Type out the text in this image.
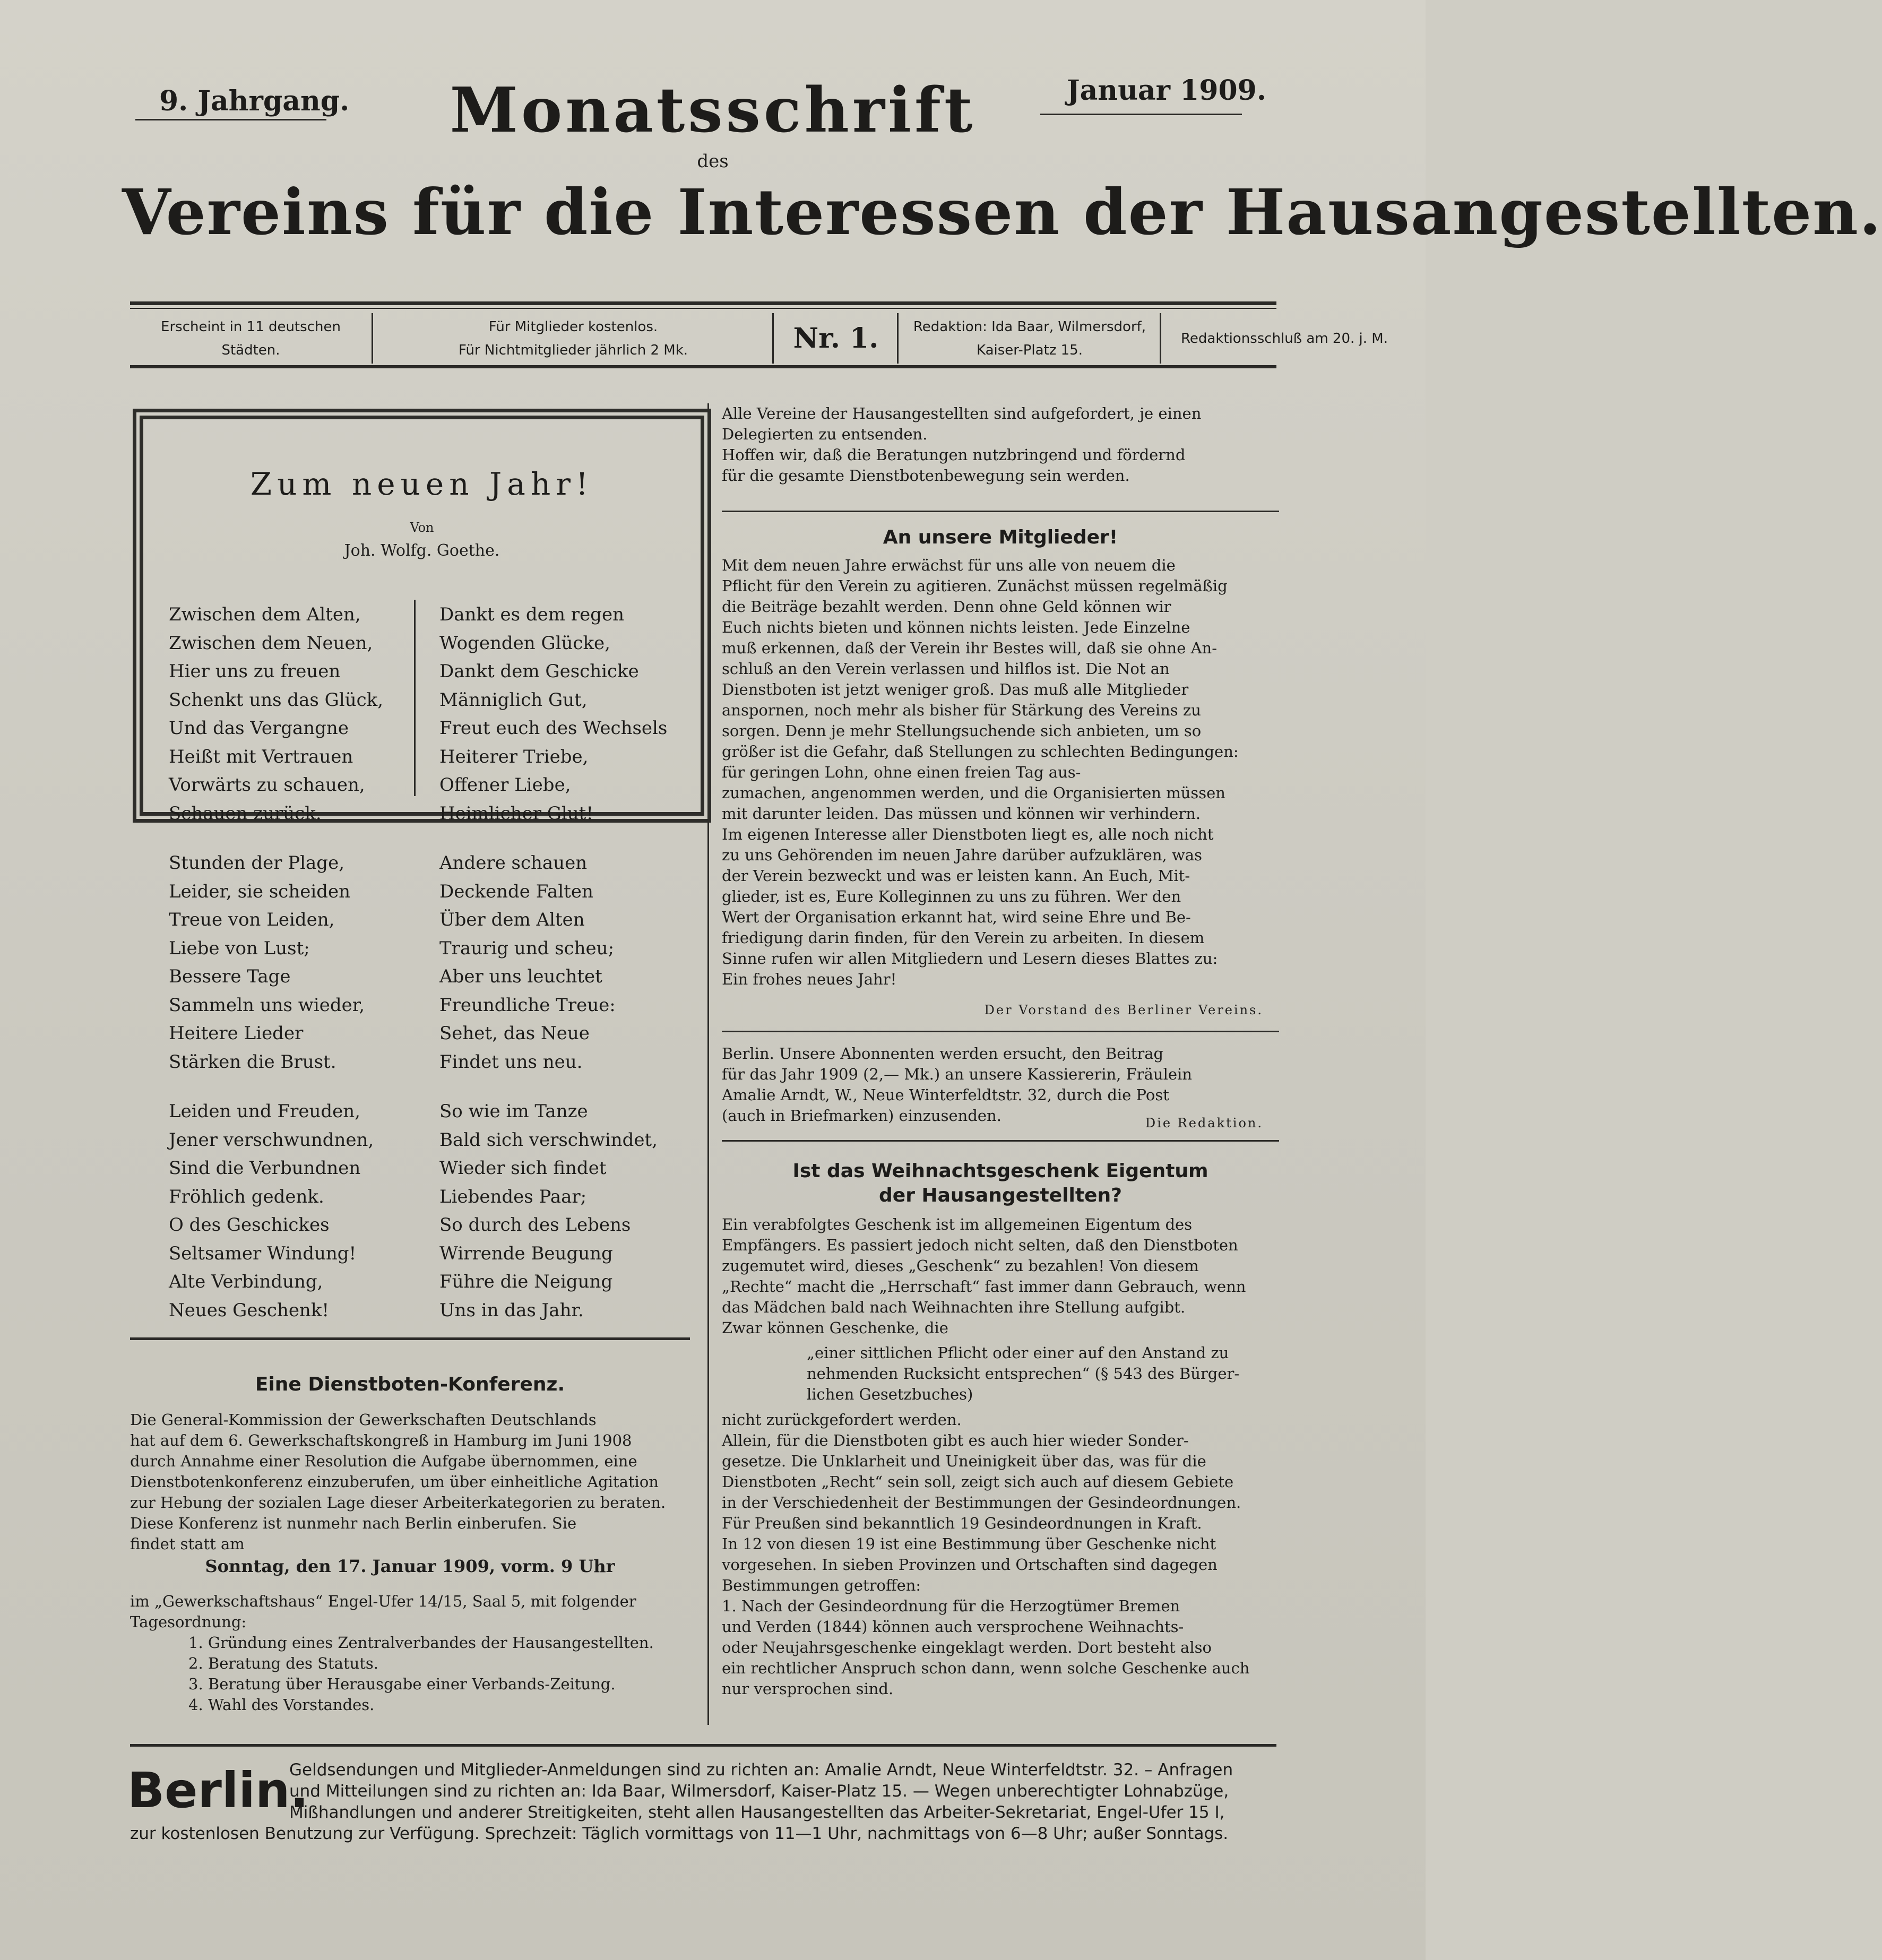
9. Jahrgang.	Januar 1909.
Monatsschrift
des
Vereins für die Interessen der Hausangestellten.
Erscheint in 11 deutschen Städten.
Für Mitglieder kostenlos.
Für Nichtmitglieder jährlich 2 Mk.	Nr. 1.	Redaktion: Ida Baar, Wilmersdorf,
Kaiser-Platz 15.
Redaktionsschluß am 20. j. M.
Zum neuen Jahr!
Von
Joh. Wolfg. Goethe.
Zwischen dem Alten,
Zwischen dem Neuen,
Hier uns zu freuen
Schenkt uns das Glück,
Und das Vergangne
Heißt mit Vertrauen
Vorwärts zu schauen,
Schauen zurück.
Stunden der Plage,
Leider, sie scheiden
Treue von Leiden,
Liebe von Lust;
Bessere Tage
Sammeln uns wieder,
Heitere Lieder
Stärken die Brust.
Leiden und Freuden,
Jener verschwundnen,
Sind die Verbundnen
Fröhlich gedenk.
O des Geschickes
Seltsamer Windung!
Alte Verbindung,
Neues Geschenk!
Dankt es dem regen
Wogenden Glücke,
Dankt dem Geschicke
Männiglich Gut,
Freut euch des Wechsels
Heiterer Triebe,
Offener Liebe,
Heimlicher Glut!
Andere schauen
Deckende Falten
Über dem Alten
Traurig und scheu;
Aber uns leuchtet
Freundliche Treue:
Sehet, das Neue
Findet uns neu.
So wie im Tanze
Bald sich verschwindet,
Wieder sich findet
Liebendes Paar;
So durch des Lebens
Wirrende Beugung
Führe die Neigung
Uns in das Jahr.
Eine Dienstboten-Konferenz.
Die General-Kommission der Gewerkschaften Deutschlands
hat auf dem 6. Gewerkschaftskongreß in Hamburg im Juni 1908
durch Annahme einer Resolution die Aufgabe übernommen, eine
Dienstbotenkonferenz einzuberufen, um über einheitliche Agitation
zur Hebung der sozialen Lage dieser Arbeiterkategorien zu beraten.
Diese Konferenz ist nunmehr nach Berlin einberufen. Sie
findet statt am
Sonntag, den 17. Januar 1909, vorm. 9 Uhr
im „Gewerkschaftshaus“ Engel-Ufer 14/15, Saal 5, mit folgender
Tagesordnung:
1. Gründung eines Zentralverbandes der Hausangestellten.
2. Beratung des Statuts.
3. Beratung über Herausgabe einer Verbands-Zeitung.
4. Wahl des Vorstandes.
Alle Vereine der Hausangestellten sind aufgefordert, je einen
Delegierten zu entsenden.
Hoffen wir, daß die Beratungen nutzbringend und fördernd
für die gesamte Dienstbotenbewegung sein werden.
An unsere Mitglieder!
Mit dem neuen Jahre erwächst für uns alle von neuem die
Pflicht für den Verein zu agitieren. Zunächst müssen regelmäßig
die Beiträge bezahlt werden. Denn ohne Geld können wir
Euch nichts bieten und können nichts leisten. Jede Einzelne
muß erkennen, daß der Verein ihr Bestes will, daß sie ohne An-
schluß an den Verein verlassen und hilflos ist. Die Not an
Dienstboten ist jetzt weniger groß. Das muß alle Mitglieder
anspornen, noch mehr als bisher für Stärkung des Vereins zu
sorgen. Denn je mehr Stellungsuchende sich anbieten, um so
größer ist die Gefahr, daß Stellungen zu schlechten Bedingungen:
für geringen Lohn, ohne einen freien Tag aus-
zumachen, angenommen werden, und die Organisierten müssen
mit darunter leiden. Das müssen und können wir verhindern.
Im eigenen Interesse aller Dienstboten liegt es, alle noch nicht
zu uns Gehörenden im neuen Jahre darüber aufzuklären, was
der Verein bezweckt und was er leisten kann. An Euch, Mit-
glieder, ist es, Eure Kolleginnen zu uns zu führen. Wer den
Wert der Organisation erkannt hat, wird seine Ehre und Be-
friedigung darin finden, für den Verein zu arbeiten. In diesem
Sinne rufen wir allen Mitgliedern und Lesern dieses Blattes zu:
Ein frohes neues Jahr!
Der Vorstand des Berliner Vereins.
Berlin. Unsere Abonnenten werden ersucht, den Beitrag
für das Jahr 1909 (2,— Mk.) an unsere Kassiererin, Fräulein
Amalie Arndt, W., Neue Winterfeldtstr. 32, durch die Post
(auch in Briefmarken) einzusenden.	Die Redaktion.
Ist das Weihnachtsgeschenk Eigentum
der Hausangestellten?
Ein verabfolgtes Geschenk ist im allgemeinen Eigentum des
Empfängers. Es passiert jedoch nicht selten, daß den Dienstboten
zugemutet wird, dieses „Geschenk“ zu bezahlen! Von diesem
„Rechte“ macht die „Herrschaft“ fast immer dann Gebrauch, wenn
das Mädchen bald nach Weihnachten ihre Stellung aufgibt.
Zwar können Geschenke, die
„einer sittlichen Pflicht oder einer auf den Anstand zu
nehmenden Rucksicht entsprechen“ (§ 543 des Bürger-
lichen Gesetzbuches)
nicht zurückgefordert werden.
Allein, für die Dienstboten gibt es auch hier wieder Sonder-
gesetze. Die Unklarheit und Uneinigkeit über das, was für die
Dienstboten „Recht“ sein soll, zeigt sich auch auf diesem Gebiete
in der Verschiedenheit der Bestimmungen der Gesindeordnungen.
Für Preußen sind bekanntlich 19 Gesindeordnungen in Kraft.
In 12 von diesen 19 ist eine Bestimmung über Geschenke nicht
vorgesehen. In sieben Provinzen und Ortschaften sind dagegen
Bestimmungen getroffen:
1. Nach der Gesindeordnung für die Herzogtümer Bremen
und Verden (1844) können auch versprochene Weihnachts-
oder Neujahrsgeschenke eingeklagt werden. Dort besteht also
ein rechtlicher Anspruch schon dann, wenn solche Geschenke auch
nur versprochen sind.
Berlin.
Geldsendungen und Mitglieder-Anmeldungen sind zu richten an: Amalie Arndt, Neue Winterfeldtstr. 32. – Anfragen
und Mitteilungen sind zu richten an: Ida Baar, Wilmersdorf, Kaiser-Platz 15. — Wegen unberechtigter Lohnabzüge,
Mißhandlungen und anderer Streitigkeiten, steht allen Hausangestellten das Arbeiter-Sekretariat, Engel-Ufer 15 I,
zur kostenlosen Benutzung zur Verfügung. Sprechzeit: Täglich vormittags von 11—1 Uhr, nachmittags von 6—8 Uhr; außer Sonntags.
